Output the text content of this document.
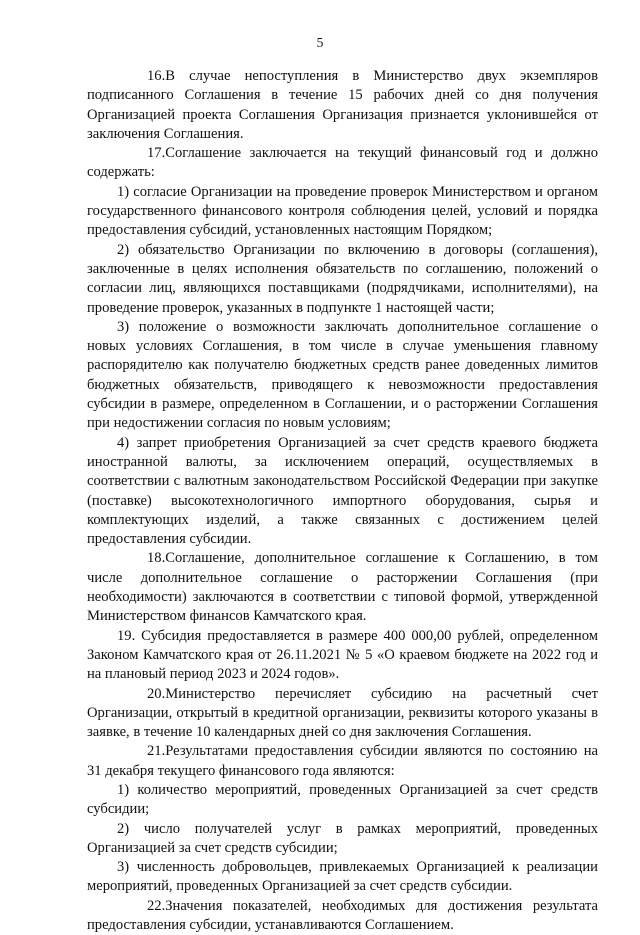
5

16.В случае непоступления в Министерство двух экземпляров подписанного Соглашения в течение 15 рабочих дней со дня получения Организацией проекта Соглашения Организация признается уклонившейся от заключения Соглашения.

17.Соглашение заключается на текущий финансовый год и должно содержать:

1) согласие Организации на проведение проверок Министерством и органом государственного финансового контроля соблюдения целей, условий и порядка предоставления субсидий, установленных настоящим Порядком;

2) обязательство Организации по включению в договоры (соглашения), заключенные в целях исполнения обязательств по соглашению, положений о согласии лиц, являющихся поставщиками (подрядчиками, исполнителями), на проведение проверок, указанных в подпункте 1 настоящей части;

3) положение о возможности заключать дополнительное соглашение о новых условиях Соглашения, в том числе в случае уменьшения главному распорядителю как получателю бюджетных средств ранее доведенных лимитов бюджетных обязательств, приводящего к невозможности предоставления субсидии в размере, определенном в Соглашении, и о расторжении Соглашения при недостижении согласия по новым условиям;

4) запрет приобретения Организацией за счет средств краевого бюджета иностранной валюты, за исключением операций, осуществляемых в соответствии с валютным законодательством Российской Федерации при закупке (поставке) высокотехнологичного импортного оборудования, сырья и комплектующих изделий, а также связанных с достижением целей предоставления субсидии.

18.Соглашение, дополнительное соглашение к Соглашению, в том числе дополнительное соглашение о расторжении Соглашения (при необходимости) заключаются в соответствии с типовой формой, утвержденной Министерством финансов Камчатского края.

19. Субсидия предоставляется в размере 400 000,00 рублей, определенном Законом Камчатского края от 26.11.2021 № 5 «О краевом бюджете на 2022 год и на плановый период 2023 и 2024 годов».

20.Министерство перечисляет субсидию на расчетный счет Организации, открытый в кредитной организации, реквизиты которого указаны в заявке, в течение 10 календарных дней со дня заключения Соглашения.

21.Результатами предоставления субсидии являются по состоянию на 31 декабря текущего финансового года являются:

1) количество мероприятий, проведенных Организацией за счет средств субсидии;

2) число получателей услуг в рамках мероприятий, проведенных Организацией за счет средств субсидии;

3) численность добровольцев, привлекаемых Организацией к реализации мероприятий, проведенных Организацией за счет средств субсидии.

22.Значения показателей, необходимых для достижения результата предоставления субсидии, устанавливаются Соглашением.
